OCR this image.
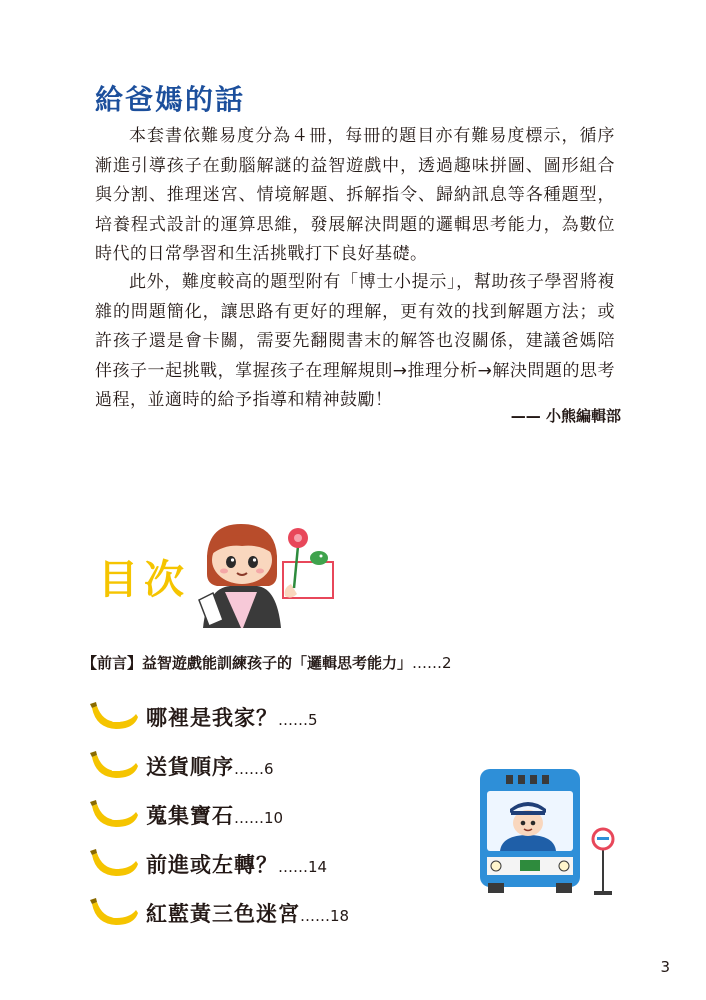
給爸媽的話

本套書依難易度分為４冊，每冊的題目亦有難易度標示，循序漸進引導孩子在動腦解謎的益智遊戲中，透過趣味拼圖、圖形組合與分割、推理迷宮、情境解題、拆解指令、歸納訊息等各種題型，培養程式設計的運算思維，發展解決問題的邏輯思考能力，為數位時代的日常學習和生活挑戰打下良好基礎。

此外，難度較高的題型附有「博士小提示」，幫助孩子學習將複雜的問題簡化，讓思路有更好的理解，更有效的找到解題方法；或許孩子還是會卡關，需要先翻閱書末的解答也沒關係，建議爸媽陪伴孩子一起挑戰，掌握孩子在理解規則→推理分析→解決問題的思考過程，並適時的給予指導和精神鼓勵！

—— 小熊編輯部
目次
【前言】益智遊戲能訓練孩子的「邏輯思考能力」……2
1 哪裡是我家？……5
2 送貨順序……6
3 蒐集寶石……10
4 前進或左轉？……14
5 紅藍黃三色迷宮……18
3
